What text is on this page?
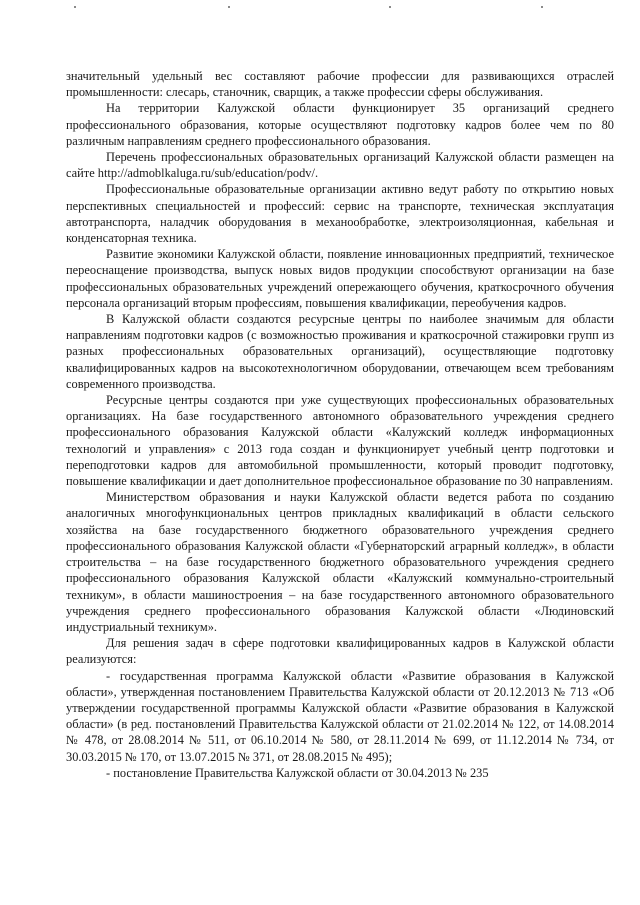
значительный удельный вес составляют рабочие профессии для развивающихся отраслей промышленности: слесарь, станочник, сварщик, а также профессии сферы обслуживания.

На территории Калужской области функционирует 35 организаций среднего профессионального образования, которые осуществляют подготовку кадров более чем по 80 различным направлениям среднего профессионального образования.

Перечень профессиональных образовательных организаций Калужской области размещен на сайте http://admoblkaluga.ru/sub/education/podv/.

Профессиональные образовательные организации активно ведут работу по открытию новых перспективных специальностей и профессий: сервис на транспорте, техническая эксплуатация автотранспорта, наладчик оборудования в механообработке, электроизоляционная, кабельная и конденсаторная техника.

Развитие экономики Калужской области, появление инновационных предприятий, техническое переоснащение производства, выпуск новых видов продукции способствуют организации на базе профессиональных образовательных учреждений опережающего обучения, краткосрочного обучения персонала организаций вторым профессиям, повышения квалификации, переобучения кадров.

В Калужской области создаются ресурсные центры по наиболее значимым для области направлениям подготовки кадров (с возможностью проживания и краткосрочной стажировки групп из разных профессиональных образовательных организаций), осуществляющие подготовку квалифицированных кадров на высокотехнологичном оборудовании, отвечающем всем требованиям современного производства.

Ресурсные центры создаются при уже существующих профессиональных образовательных организациях. На базе государственного автономного образовательного учреждения среднего профессионального образования Калужской области «Калужский колледж информационных технологий и управления» с 2013 года создан и функционирует учебный центр подготовки и переподготовки кадров для автомобильной промышленности, который проводит подготовку, повышение квалификации и дает дополнительное профессиональное образование по 30 направлениям.

Министерством образования и науки Калужской области ведется работа по созданию аналогичных многофункциональных центров прикладных квалификаций в области сельского хозяйства на базе государственного бюджетного образовательного учреждения среднего профессионального образования Калужской области «Губернаторский аграрный колледж», в области строительства – на базе государственного бюджетного образовательного учреждения среднего профессионального образования Калужской области «Калужский коммунально-строительный техникум», в области машиностроения – на базе государственного автономного образовательного учреждения среднего профессионального образования Калужской области «Людиновский индустриальный техникум».

Для решения задач в сфере подготовки квалифицированных кадров в Калужской области реализуются:

- государственная программа Калужской области «Развитие образования в Калужской области», утвержденная постановлением Правительства Калужской области от 20.12.2013 № 713 «Об утверждении государственной программы Калужской области «Развитие образования в Калужской области» (в ред. постановлений Правительства Калужской области от 21.02.2014 № 122, от 14.08.2014 № 478, от 28.08.2014 № 511, от 06.10.2014 № 580, от 28.11.2014 № 699, от 11.12.2014 № 734, от 30.03.2015 № 170, от 13.07.2015 № 371, от 28.08.2015 № 495);

- постановление Правительства Калужской области от 30.04.2013 № 235
